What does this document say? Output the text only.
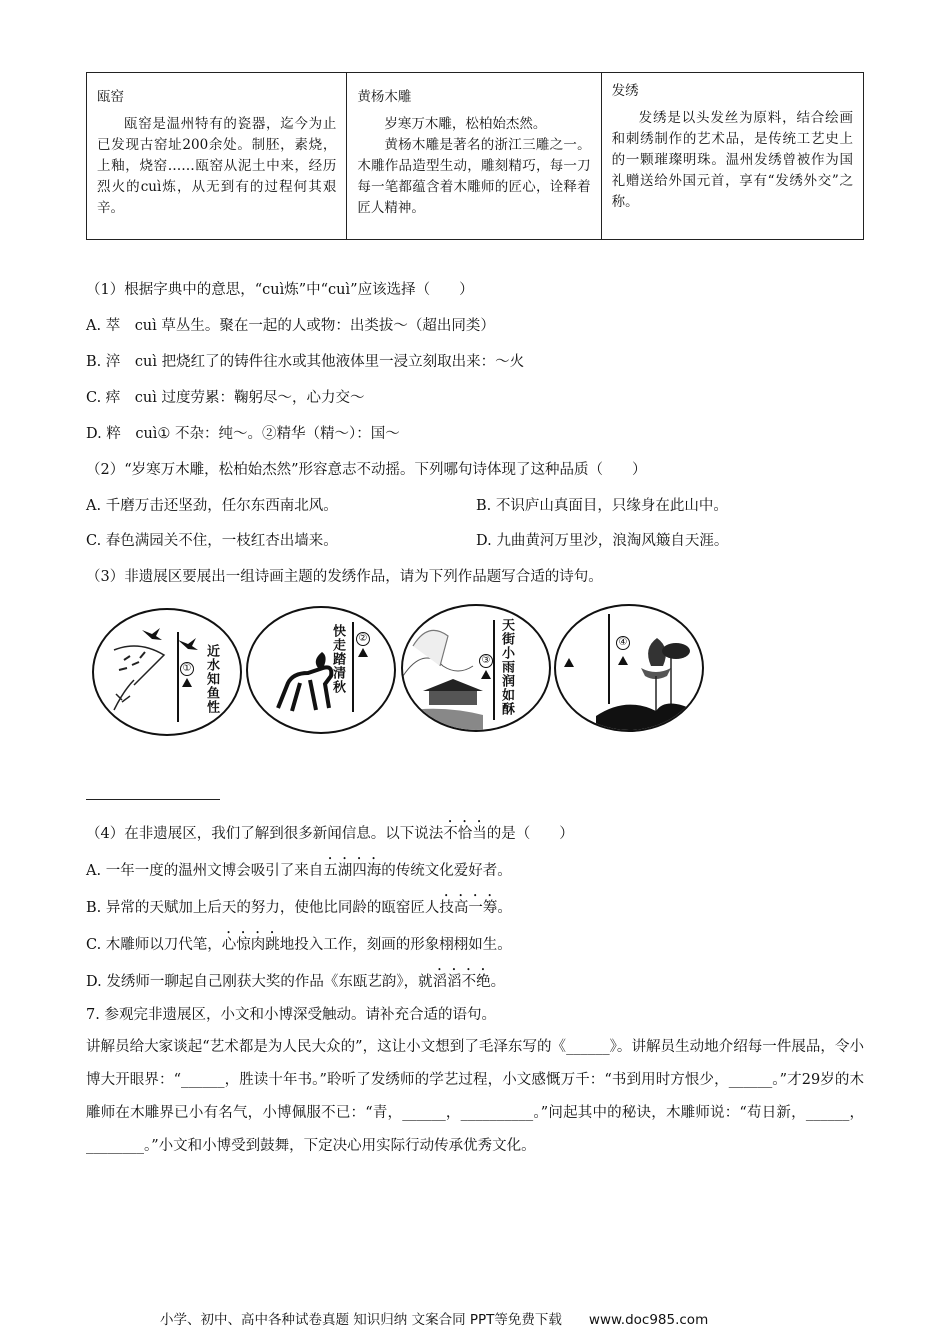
瓯窑
瓯窑是温州特有的瓷器，迄今为止已发现古窑址200余处。制胚，素烧，上釉，烧窑……瓯窑从泥土中来，经历烈火的cuì炼，从无到有的过程何其艰辛。
黄杨木雕
岁寒万木雕，松柏始杰然。
黄杨木雕是著名的浙江三雕之一。木雕作品造型生动，雕刻精巧，每一刀每一笔都蕴含着木雕师的匠心，诠释着匠人精神。
发绣
发绣是以头发丝为原料，结合绘画和刺绣制作的艺术品，是传统工艺史上的一颗璀璨明珠。温州发绣曾被作为国礼赠送给外国元首，享有“发绣外交”之称。
（1）根据字典中的意思，“cuì炼”中“cuì”应该选择（　　）
A. 萃　cuì 草丛生。聚在一起的人或物：出类拔～（超出同类）
B. 淬　cuì 把烧红了的铸件往水或其他液体里一浸立刻取出来：～火
C. 瘁　cuì 过度劳累：鞠躬尽～，心力交～
D. 粹　cuì① 不杂：纯～。②精华（精～）：国～
（2）“岁寒万木雕，松柏始杰然”形容意志不动摇。下列哪句诗体现了这种品质（　　）
A. 千磨万击还坚劲，任尔东西南北风。	B. 不识庐山真面目，只缘身在此山中。
C. 春色满园关不住，一枝红杏出墙来。	D. 九曲黄河万里沙，浪淘风簸自天涯。
（3）非遗展区要展出一组诗画主题的发绣作品，请为下列作品题写合适的诗句。
① 近水知鱼性	快走踏清秋 ②
③ 天街小雨润如酥	④
（4）在非遗展区，我们了解到很多新闻信息。以下说法不恰当的是（　　）
A. 一年一度的温州文博会吸引了来自五湖四海的传统文化爱好者。
B. 异常的天赋加上后天的努力，使他比同龄的瓯窑匠人技高一筹。
C. 木雕师以刀代笔，心惊肉跳地投入工作，刻画的形象栩栩如生。
D. 发绣师一聊起自己刚获大奖的作品《东瓯艺韵》，就滔滔不绝。
7. 参观完非遗展区，小文和小博深受触动。请补充合适的语句。
讲解员给大家谈起“艺术都是为人民大众的”，这让小文想到了毛泽东写的《______》。讲解员生动地介绍每一件展品，令小博大开眼界：“______，胜读十年书。”聆听了发绣师的学艺过程，小文感慨万千：“书到用时方恨少，______。”才29岁的木雕师在木雕界已小有名气，小博佩服不已：“青，______，__________。”问起其中的秘诀，木雕师说：“苟日新，______，________。”小文和小博受到鼓舞，下定决心用实际行动传承优秀文化。
小学、初中、高中各种试卷真题 知识归纳 文案合同 PPT等免费下载　　www.doc985.com
